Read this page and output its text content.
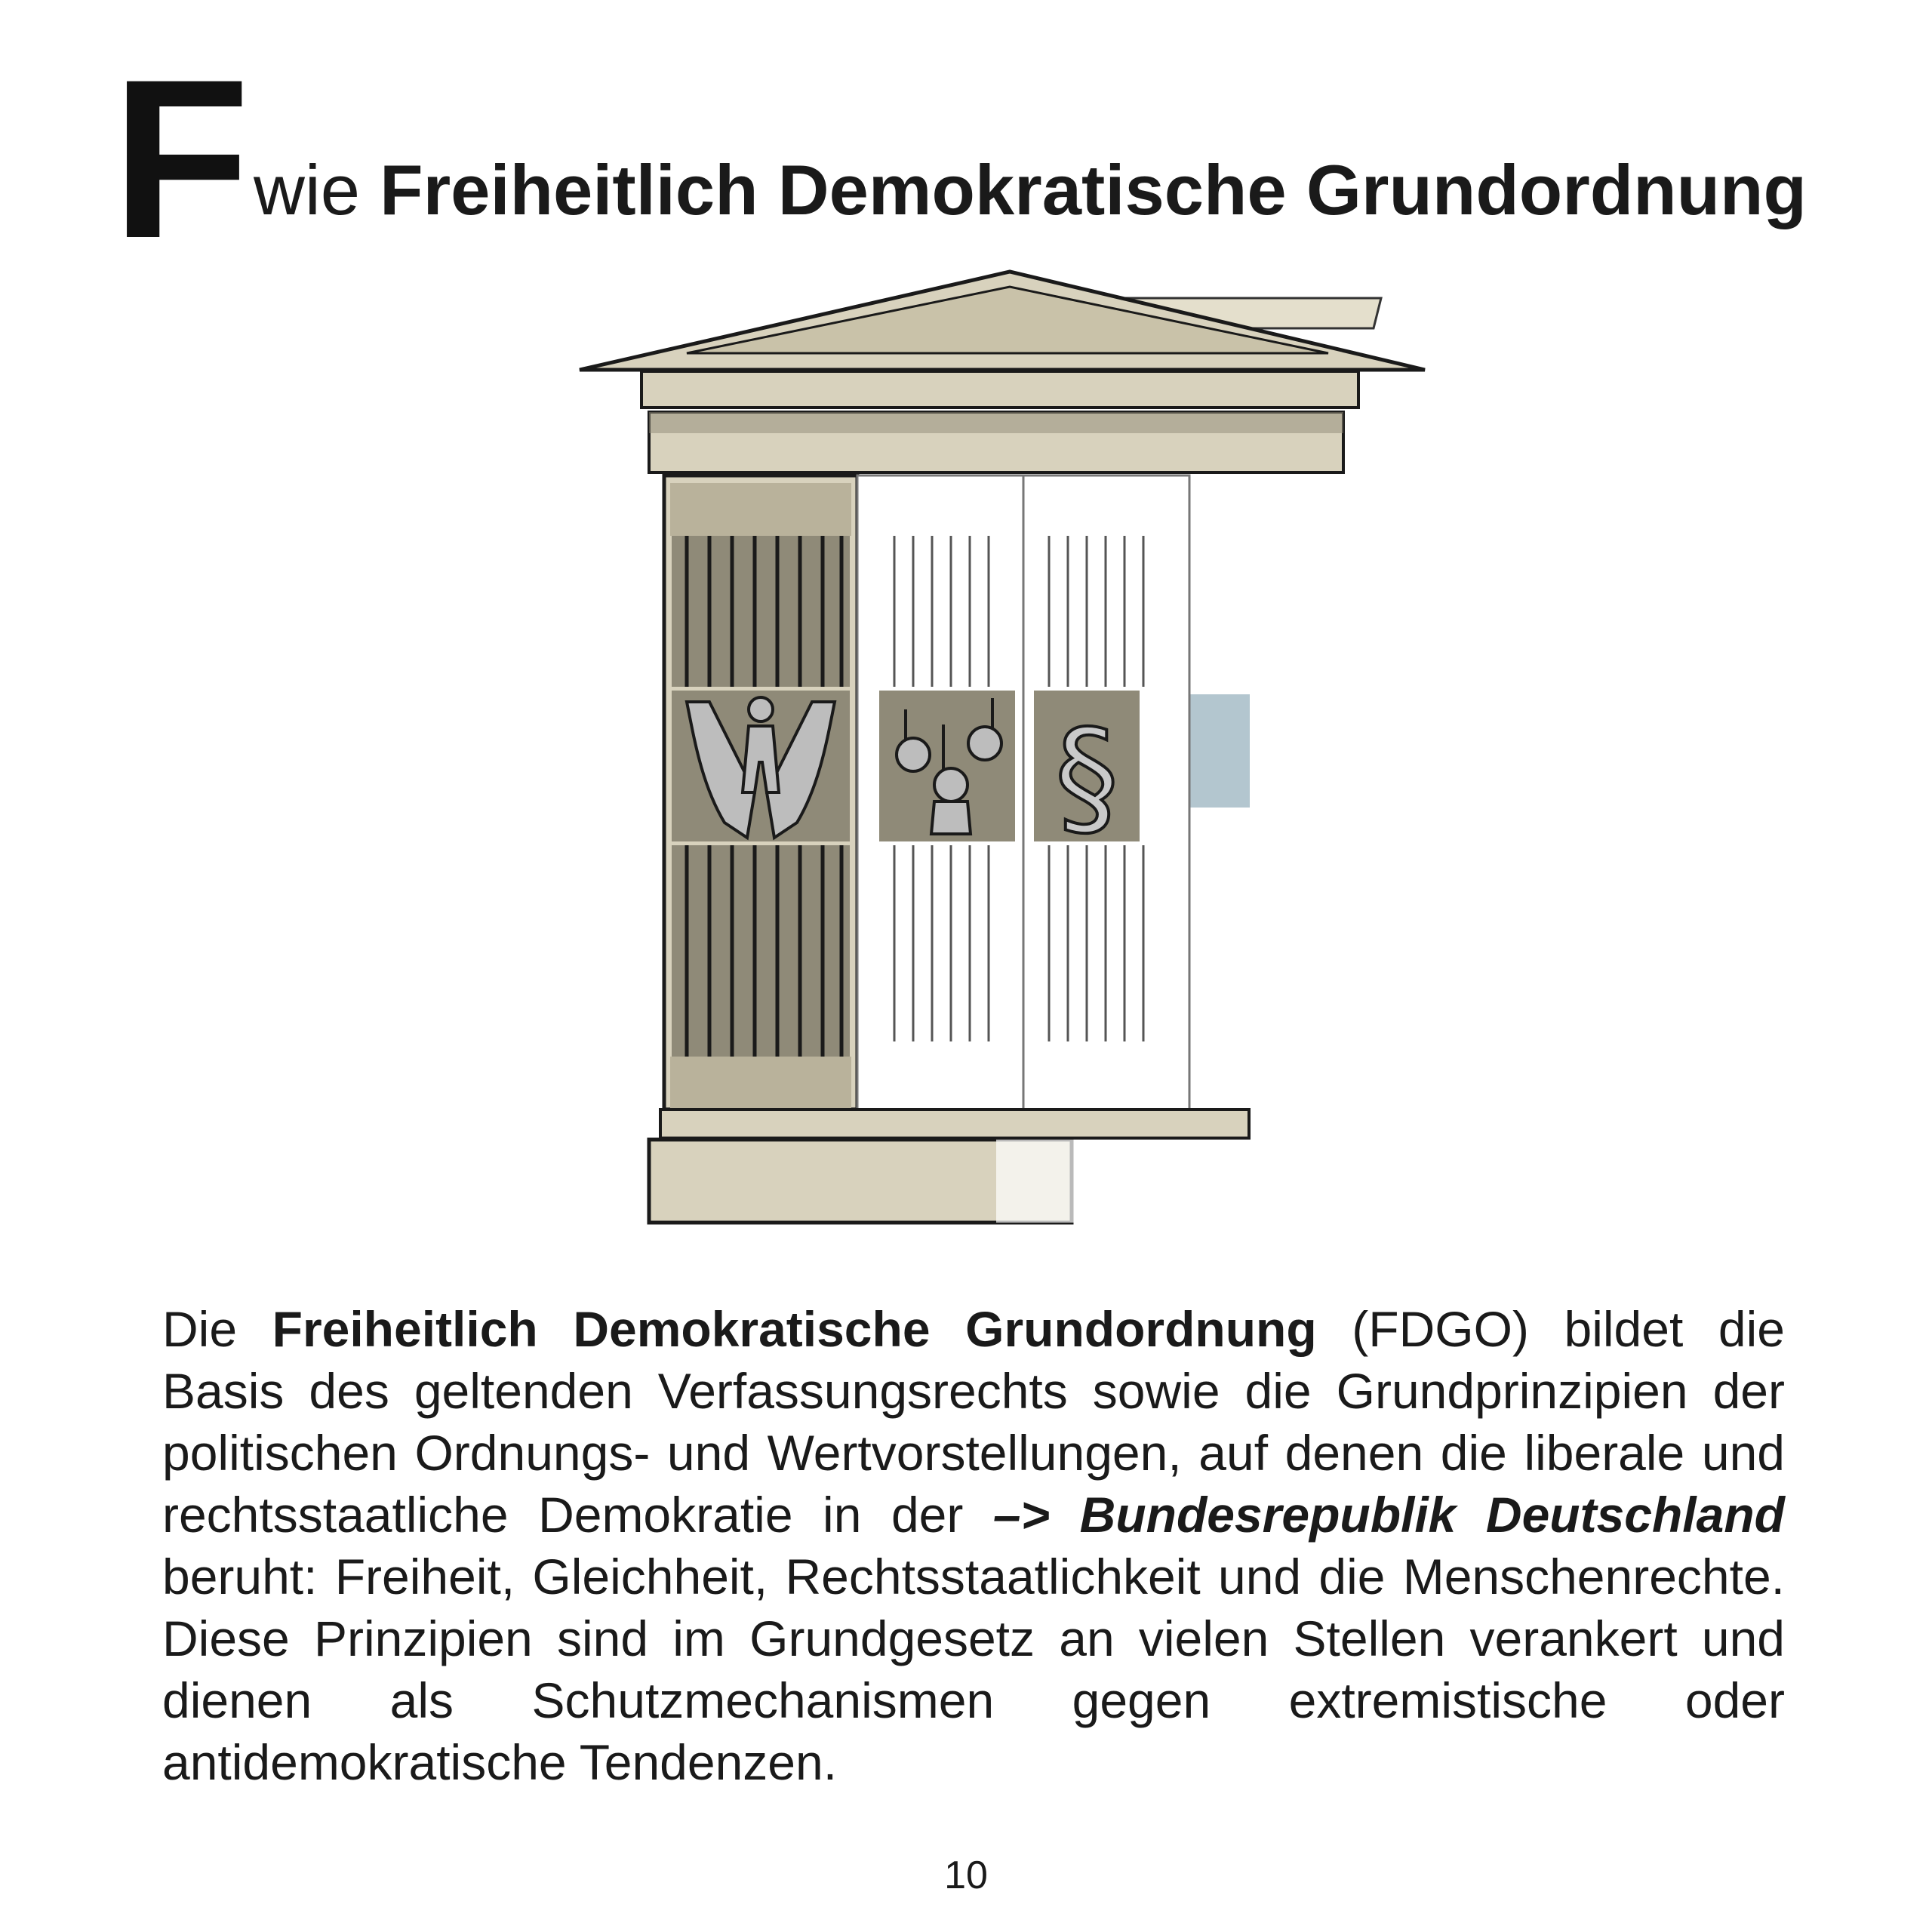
F wie Freiheitlich Demokratische Grundordnung
§
Die Freiheitlich Demokratische Grundordnung (FDGO) bildet die Basis des geltenden Verfassungsrechts sowie die Grundprinzipien der politischen Ordnungs- und Wertvorstellungen, auf denen die liberale und rechtsstaatliche Demokratie in der –> Bundesrepublik Deutschland beruht: Freiheit, Gleichheit, Rechtsstaatlichkeit und die Menschenrechte. Diese Prinzipien sind im Grundgesetz an vielen Stellen verankert und dienen als Schutzmechanismen gegen extremistische oder antidemokratische Tendenzen.
10
